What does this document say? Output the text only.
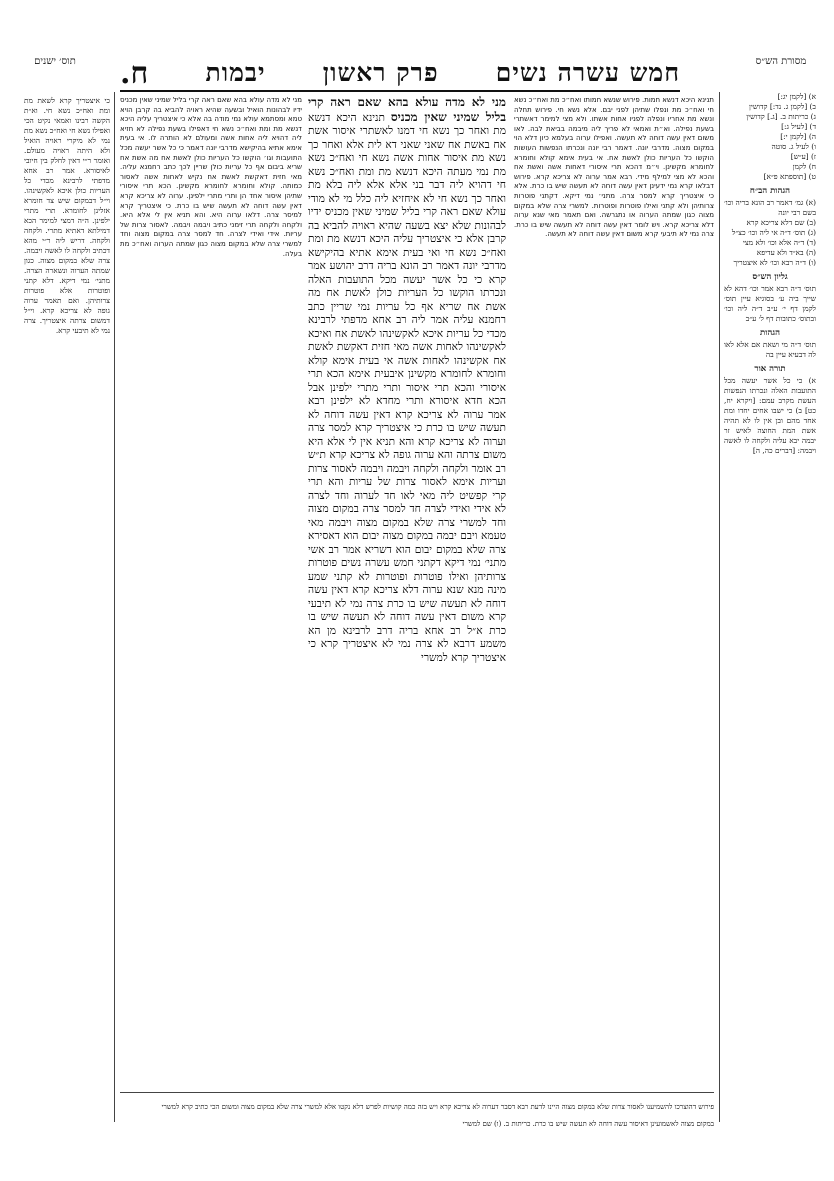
חמש עשרה נשים
פרק ראשון
יבמות
ח.	מסורת הש״ס
תוס׳ ישנים

א) [לקמן יג:]
ב) [לקמן ג. נד:] קדושין
ג) כריתות ב. [ג.] קדושין
ד) [לעיל ג:]
ה) [לקמן י:]
ו) לעיל ג. סוטה
ז) [ע״ש]
ח) לקמן
ט) [תוספתא פ״א]

הגהות הב״ח

(א) גמ׳ דאמר רב הונא בריה וכו׳ בשם רבי יונה
(ב) שם דלא צריכא קרא
(ג) תוס׳ ד״ה אי ליה וכו׳ כצ״ל
(ד) ד״ה אלא וכו׳ ולא מצי
(ה) בא״ד ולא עדיפא
(ו) ד״ה רבא וכו׳ לא איצטריך

גליון הש״ס

תוס׳ ד״ה רבא אמר וכו׳ דהא לא שייך ביה ע׳ בסוגיא עיין תוס׳ לקמן דף י׳ ע״ב ד״ה ליה וכו׳ ובתוס׳ כתובות דף ל׳ ע״ב

הגהות

תוס׳ ד״ה מי ושאת אם אלא לאו לה דבעיא עיין בה

תורה אור

א) כי כל אשר יעשה מכל התועבות האלה ונכרתו הנפשות העשת מקרב עמם: [ויקרא יח, כט] ב) כי ישבו אחים יחדו ומת אחד מהם ובן אין לו לא תהיה אשת המת החוצה לאיש זר יבמה יבא עליה ולקחה לו לאשה ויבמה: [דברים כה, ה]

תנינא היכא דנשא חמות. פירוש שנשא חמותו ואח״כ מת ואח״כ נשא חי ואח״כ מת ונפלו שתיהן לפני יבם. אלא נשא חי. פירוש תחלה ונשא מת אחריו ונפלה לפניו אחות אשתו. ולא מצי למימר דאשתרי בשעת נפילה. וא״ת ואמאי לא פריך ליה מיבמה בביאת לבה. לאו משום דאין עשה דוחה לא תעשה. ואפילו ערוה בעלמא כיון דלא הוי במקום מצוה. מדרבי יונה. דאמר רבי יונה ונכרתו הנפשות העושות הוקשו כל העריות כולן לאשת אח. אי בעית אימא קולא וחומרא לחומרא מקשינן. וי״מ דהכא תרי איסורי דאחות אשה ואשת אח והכא לא מצי למילף מידי. רבא אמר ערוה לא צריכא קרא. פירוש דבלאו קרא נמי ידעינן דאין עשה דוחה לא תעשה שיש בו כרת. אלא כי איצטריך קרא למסר צרה. מתני׳ נמי דיקא. דקתני פוטרות צרותיהן ולא קתני ואילו פוטרות ופוטרות. למשרי צרה שלא במקום מצוה כגון שמתה הערוה או נתגרשה. ואם תאמר מאי שנא ערוה דלא צריכא קרא. ויש לומר דאין עשה דוחה לא תעשה שיש בו כרת. צרה נמי לא תיבעי קרא משום דאין עשה דוחה לא תעשה.

מני לא מדה עולא בהא שאם ראה קרי בליל שמיני שאין מכניס תנינא היכא דנשא מת ואחר כך נשא חי דמנו לאשתרי איסור אשת אח באשת אח שאני שאני דא לית אלא ואחר כך נשא מת איסור אחות אשה נשא חי ואח״כ נשא מת נמי מעתה היכא דנשא מת ומת ואח״כ נשא חי דהויא ליה דבר בני אלא אלא ליה בלא מת ואחר כך נשא חי לא איחזיא ליה כלל מי לא מודי עולא שאם ראה קרי בליל שמיני שאין מכניס ידיו לבהונות שלא יצא בשעה שהיא ראויה להביא בה קרבן אלא כי איצטריך עליה היכא דנשא מת ומת ואח״כ נשא חי ואי בעית אימא אתיא בהיקישא מדרבי יונה דאמר רב הונא בריה דרב יהושע אמר קרא כי כל אשר יעשה מכל התועבות האלה ונכרתו הוקשו כל העריות כולן לאשת אח מה אשת אח שריא אף כל עריות נמי שריין כתב רחמנא עליה אמר ליה רב אחא מדפתי לרבינא מכדי כל עריות איכא לאקשינהו לאשת אח ואיכא לאקשינהו לאחות אשה מאי חזית דאקשת לאשת אח אקשינהו לאחות אשה אי בעית אימא קולא וחומרא לחומרא מקשינן איבעית אימא הכא תרי איסורי והכא תרי איסור ותרי מתרי ילפינן אבל הכא חדא איסורא ותרי מחדא לא ילפינן רבא אמר ערוה לא צריכא קרא דאין עשה דוחה לא תעשה שיש בו כרת כי איצטריך קרא למסר צרה וערוה לא צריכא קרא והא תניא אין לי אלא היא משום צרתה והא ערוה גופה לא צריכא קרא ת״ש רב אומר ולקחה ולקחה ויבמה ויבמה לאסור צרות ועריות אימא לאסור צרות של עריות והא תרי קרי קפשיט ליה מאי לאו חד לערוה וחד לצרה לא אידי ואידי לצרה חד למסר צרה במקום מצוה וחד למשרי צרה שלא במקום מצוה ויבמה מאי טעמא ויבם יבמה במקום מצוה יבום הוא דאסירא צרה שלא במקום יבום הוא דשריא אמר רב אשי מתני׳ נמי דיקא דקתני חמש עשרה נשים פוטרות צרותיהן ואילו פוטרות ופוטרות לא קתני שמע מינה מנא שנא ערוה דלא צריכא קרא דאין עשה דוחה לא תעשה שיש בו כרת צרה נמי לא תיבעי קרא משום דאין עשה דוחה לא תעשה שיש בו כרת א״ל רב אחא בריה דרב לרבינא מן הא משמע דרבא לא צרה נמי לא איצטריך קרא כי איצטריך קרא למשרי

מני לא מדה עולא בהא שאם ראה קרי בליל שמיני שאין מכניס ידיו לבהונות הואיל ובשעה שהיא ראויה להביא בה קרבן הויא טמא ומסתמא עולא נמי מודה בה אלא כי איצטריך עליה היכא דנשא מת ומת ואח״כ נשא חי דאפילו בשעת נפילה לא חזיא ליה דהויא ליה אחות אשה ומעולם לא הותרה לו. אי בעית אימא אתיא בהיקישא מדרבי יונה דאמר כי כל אשר יעשה מכל התועבות וגו׳ הוקשו כל העריות כולן לאשת אח מה אשת אח שריא ביבום אף כל עריות כולן שריין לכך כתב רחמנא עליה. מאי חזית דאקשת לאשת אח נקיש לאחות אשה לאסור כמותה. קולא וחומרא לחומרא מקשינן. הכא תרי איסורי שתיהן איסור אחד הן ותרי מתרי ילפינן. ערוה לא צריכא קרא דאין עשה דוחה לא תעשה שיש בו כרת. כי איצטריך קרא למיסר צרה. דלאו ערוה היא. והא תניא אין לי אלא היא. ולקחה ולקחה תרי זימני כתיב ויבמה ויבמה. לאסור צרות של עריות. אידי ואידי לצרה. חד למסר צרה במקום מצוה וחד למשרי צרה שלא במקום מצוה כגון שמתה הערוה ואח״כ מת בעלה.

כי איצטריך קרא לשאת מת ומת ואח״כ נשא חי. וא״ת הקשה רבינו ואמאי נקיט הכי ואפילו נשא חי ואח״כ נשא מת נמי לא מיקרי ראויה הואיל ולא היתה ראויה מעולם. ואומר ר״י דאין לחלק בין חיובי לאיסורא. אמר רב אחא מדפתי לרבינא מכדי כל העריות כולן איכא לאקשינהו. וי״ל דבמקום שיש צד חומרא אזלינן לחומרא. תרי מתרי ילפינן. ה״ה דמצי למימר הכא דמילתא דאתיא מתרי. ולקחה ולקחה. דריש ליה ר״י מהא דכתיב ולקחה לו לאשה ויבמה. צרה שלא במקום מצוה. כגון שמתה הערוה ונשארה הצרה. מתני׳ נמי דיקא. דלא קתני ופוטרות אלא פוטרות צרותיהן. ואם תאמר ערוה גופה לא צריכא קרא. וי״ל דמשום צרתה איצטריך. צרה נמי לא תיבעי קרא.

פירוש דהוצרכו להשמיענו לאסור צרות שלא במקום מצוה היינו לדעת רבא דסבר דערוה לא צריכא קרא ויש בזה כמה קושיות לפרש דלא נקטו אלא למשרי צרה שלא במקום מצוה ומשום הכי כתיב קרא למשרי

במקום מצוה לאשמועינן דאיסור עשה דוחה לא תעשה שיש בו כרת. כריתות ב. (ו) שם למשרי
